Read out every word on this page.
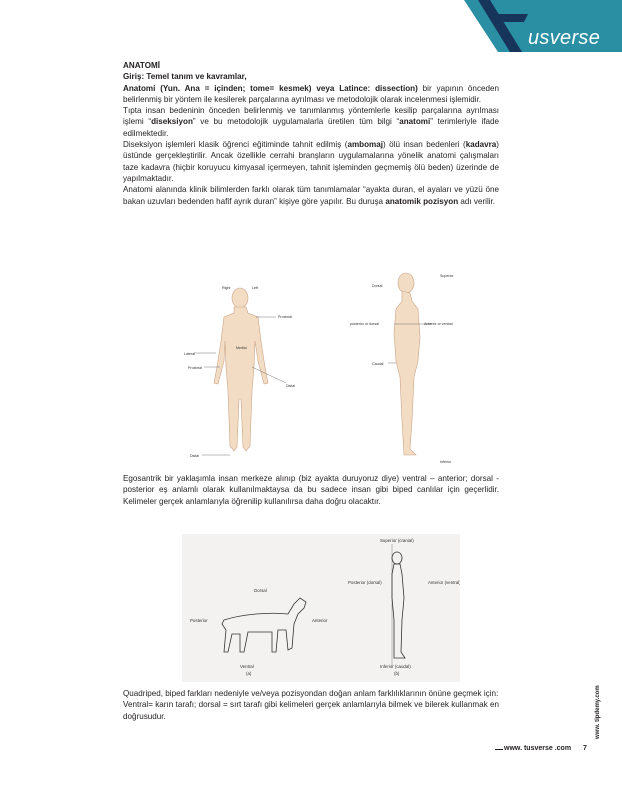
usverse

ANATOMİ

Giriş: Temel tanım ve kavramlar,

Anatomi (Yun. Ana = içinden; tome= kesmek) veya Latince: dissection) bir yapının önceden belirlenmiş bir yöntem ile kesilerek parçalarına ayrılması ve metodolojik olarak incelenmesi işlemidir.

Tıpta insan bedeninin önceden belirlenmiş ve tanımlanmış yöntemlerle kesilip parçalarına ayrılması işlemi “diseksiyon” ve bu metodolojik uygulamalarla üretilen tüm bilgi “anatomi” terimleriyle ifade edilmektedir.

Diseksiyon işlemleri klasik öğrenci eğitiminde tahnit edilmiş (ambomaj) ölü insan bedenleri (kadavra) üstünde gerçekleştirilir. Ancak özellikle cerrahi branşların uygulamalarına yönelik anatomi çalışmaları taze kadavra (hiçbir koruyucu kimyasal içermeyen, tahnit işleminden geçmemiş ölü beden) üzerinde de yapılmaktadır.

Anatomi alanında klinik bilimlerden farklı olarak tüm tanımlamalar “ayakta duran, el ayaları ve yüzü öne bakan uzuvları bedenden hafif ayrık duran” kişiye göre yapılır. Bu duruşa anatomik pozisyon adı verilir.

Right	Left
Proximal
Medial
Lateral
Proximal
Distal
Distal
Superior
Dorsal
posterior or dorsal	Anterior or ventral
Caudal
Inferior

Egosantrik bir yaklaşımla insan merkeze alınıp (biz ayakta duruyoruz diye) ventral – anterior; dorsal - posterior eş anlamlı olarak kullanılmaktaysa da bu sadece insan gibi biped canlılar için geçerlidir. Kelimeler gerçek anlamlarıyla öğrenilip kullanılırsa daha doğru olacaktır.

Superior (cranial)
Dorsal
Posterior (dorsal)	Anterior (ventral)
Posterior	Anterior
Ventral
(a)
Inferior (caudal)
(b)

Quadriped, biped farkları nedeniyle ve/veya pozisyondan doğan anlam farklılıklarının önüne geçmek için:

Ventral= karın tarafı; dorsal = sırt tarafı gibi kelimeleri gerçek anlamlarıyla bilmek ve bilerek kullanmak en doğrusudur.	www. tipdemy.com
www. tusverse .com 7
